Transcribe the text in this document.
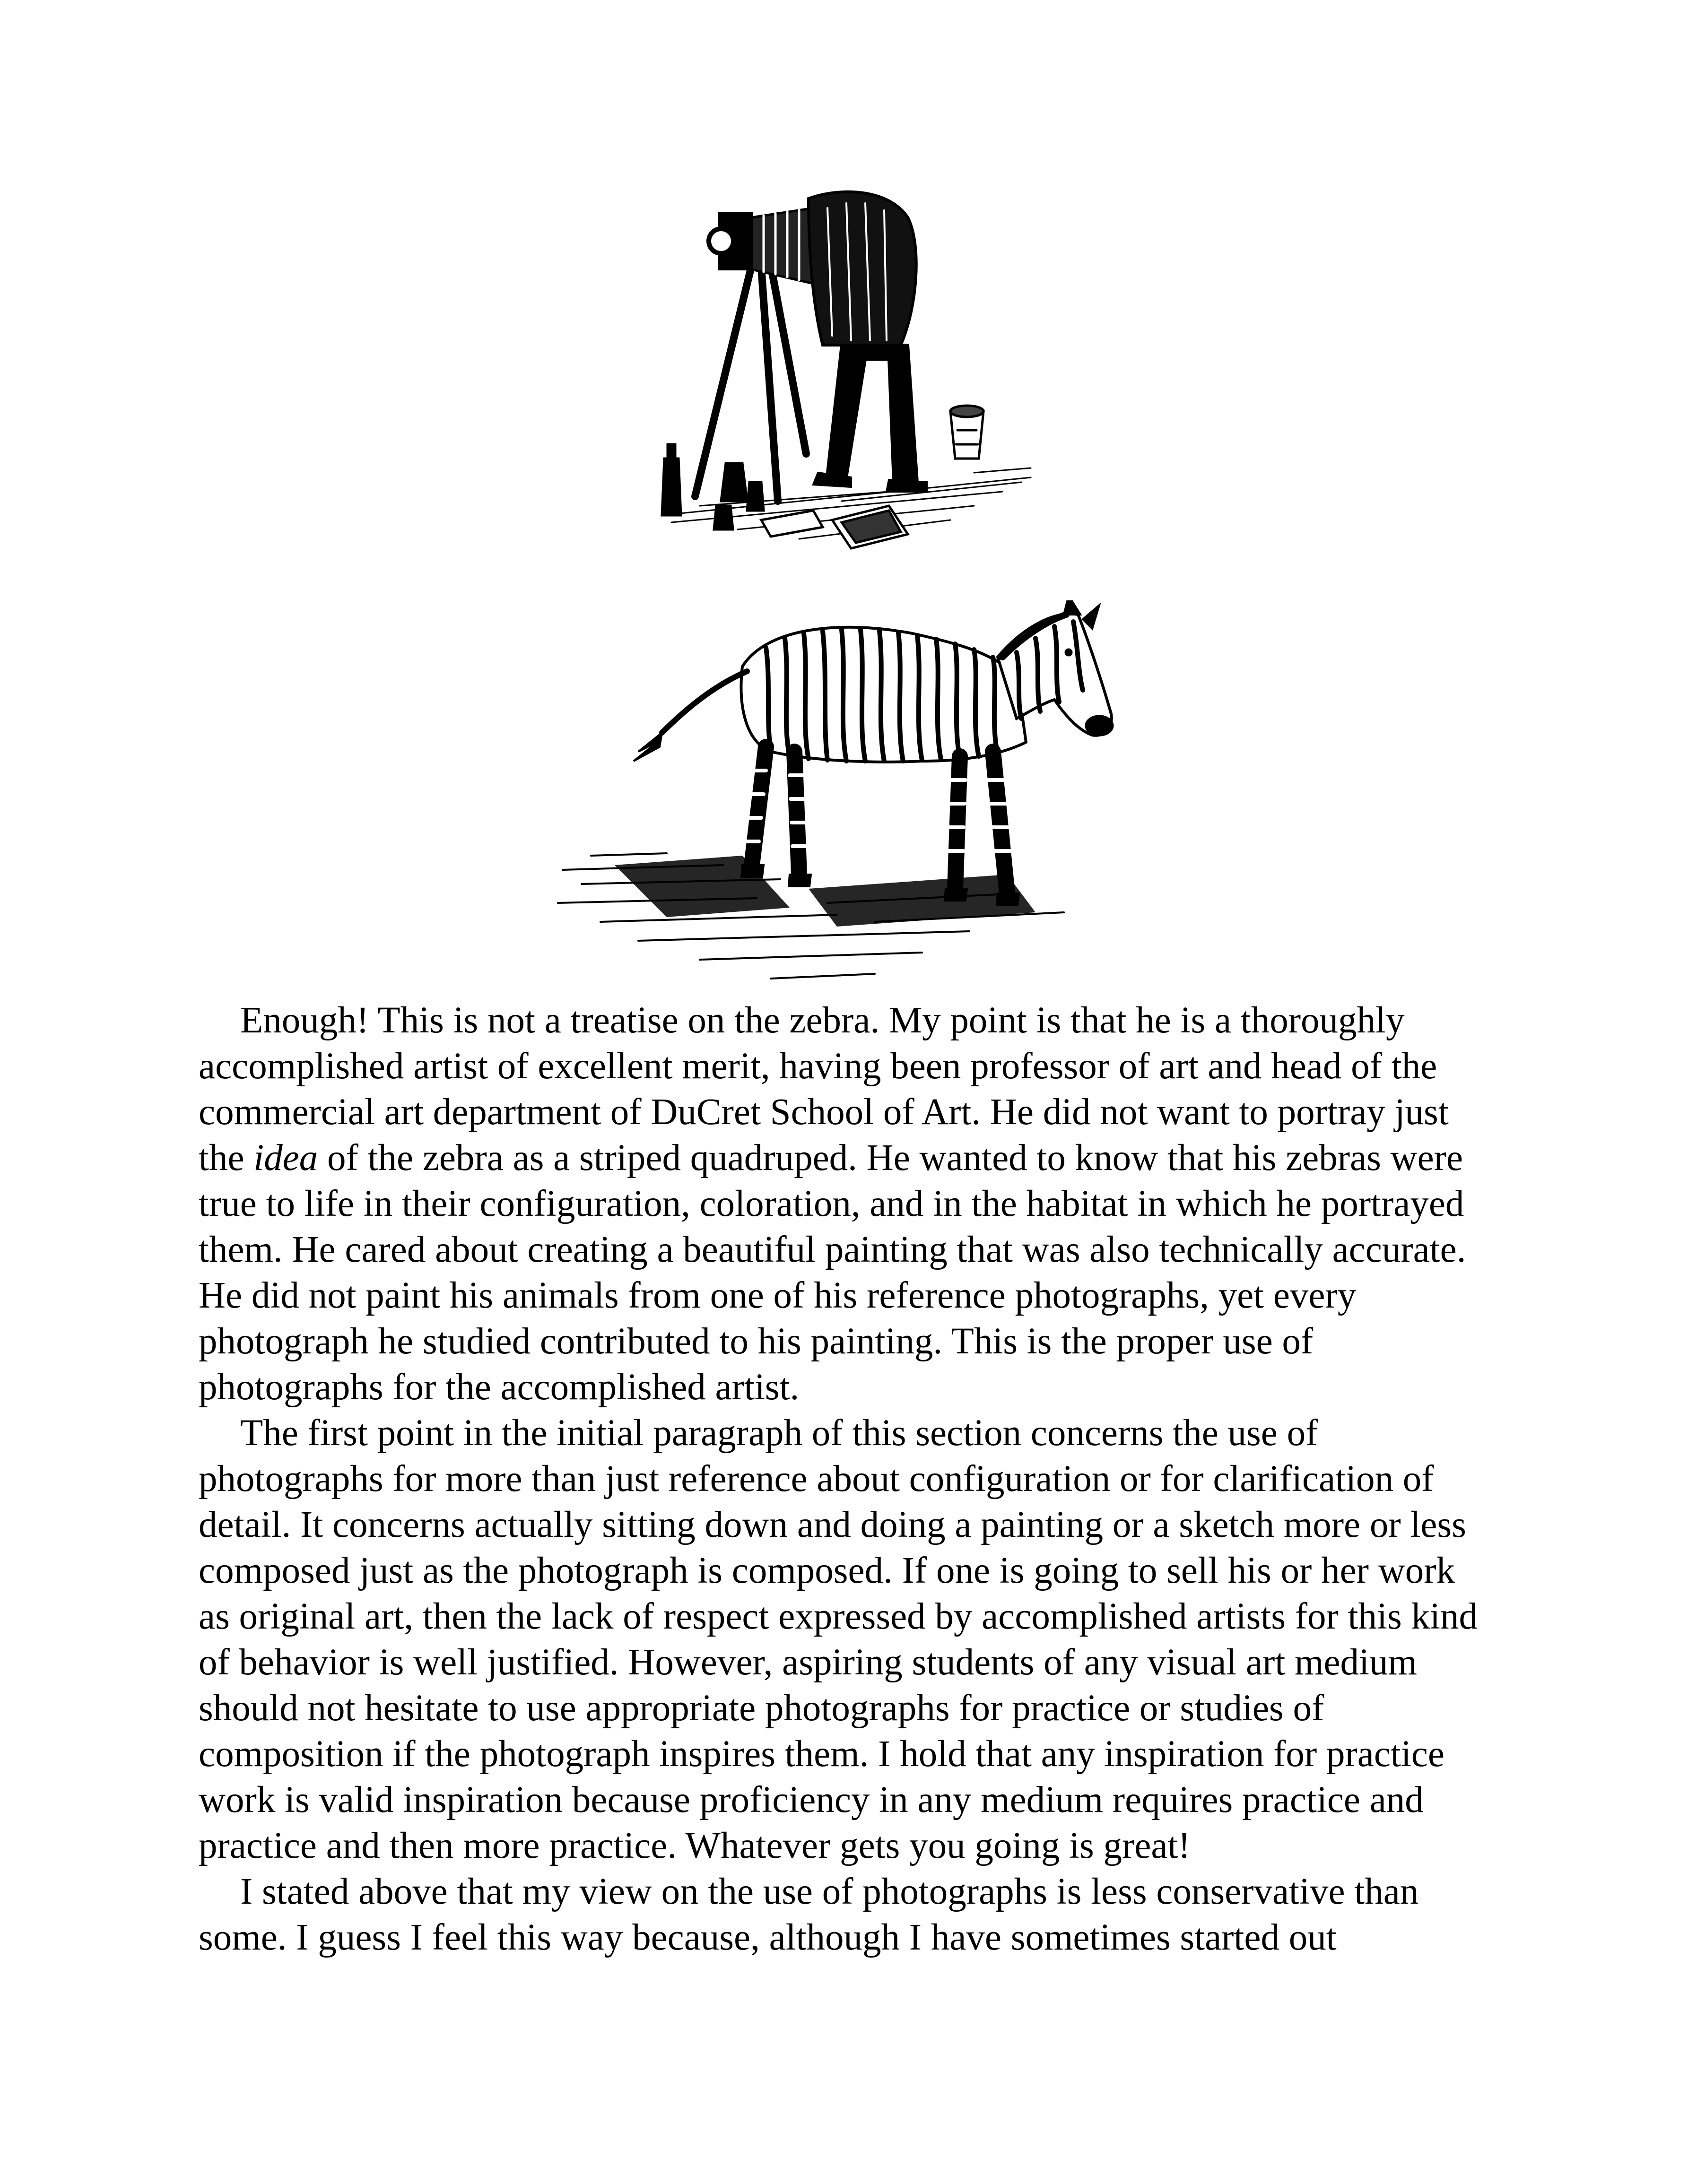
Enough! This is not a treatise on the zebra. My point is that he is a thoroughly accomplished artist of excellent merit, having been professor of art and head of the commercial art department of DuCret School of Art. He did not want to portray just the idea of the zebra as a striped quadruped. He wanted to know that his zebras were true to life in their configuration, coloration, and in the habitat in which he portrayed them. He cared about creating a beautiful painting that was also technically accurate. He did not paint his animals from one of his reference photographs, yet every photograph he studied contributed to his painting. This is the proper use of photographs for the accomplished artist.

The first point in the initial paragraph of this section concerns the use of photographs for more than just reference about configuration or for clarification of detail. It concerns actually sitting down and doing a painting or a sketch more or less composed just as the photograph is composed. If one is going to sell his or her work as original art, then the lack of respect expressed by accomplished artists for this kind of behavior is well justified. However, aspiring students of any visual art medium should not hesitate to use appropriate photographs for practice or studies of composition if the photograph inspires them. I hold that any inspiration for practice work is valid inspiration because proficiency in any medium requires practice and practice and then more practice. Whatever gets you going is great!

I stated above that my view on the use of photographs is less conservative than some. I guess I feel this way because, although I have sometimes started out
